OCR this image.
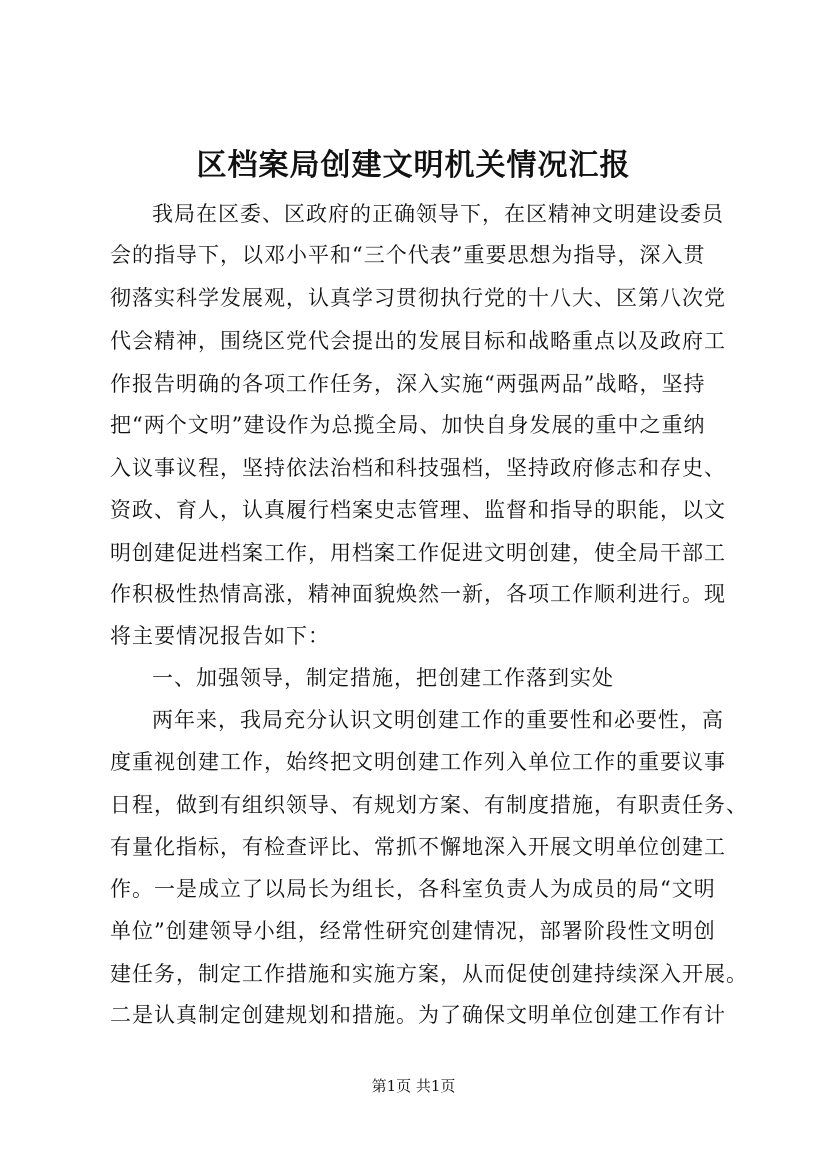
区档案局创建文明机关情况汇报
我局在区委、区政府的正确领导下，在区精神文明建设委员
会的指导下，以邓小平和“三个代表”重要思想为指导，深入贯
彻落实科学发展观，认真学习贯彻执行党的十八大、区第八次党
代会精神，围绕区党代会提出的发展目标和战略重点以及政府工
作报告明确的各项工作任务，深入实施“两强两品”战略，坚持
把“两个文明”建设作为总揽全局、加快自身发展的重中之重纳
入议事议程，坚持依法治档和科技强档，坚持政府修志和存史、
资政、育人，认真履行档案史志管理、监督和指导的职能，以文
明创建促进档案工作，用档案工作促进文明创建，使全局干部工
作积极性热情高涨，精神面貌焕然一新，各项工作顺利进行。现
将主要情况报告如下：
一、加强领导，制定措施，把创建工作落到实处
两年来，我局充分认识文明创建工作的重要性和必要性，高
度重视创建工作，始终把文明创建工作列入单位工作的重要议事
日程，做到有组织领导、有规划方案、有制度措施，有职责任务、
有量化指标，有检查评比、常抓不懈地深入开展文明单位创建工
作。一是成立了以局长为组长，各科室负责人为成员的局“文明
单位”创建领导小组，经常性研究创建情况，部署阶段性文明创
建任务，制定工作措施和实施方案，从而促使创建持续深入开展。
二是认真制定创建规划和措施。为了确保文明单位创建工作有计
第1页 共1页
